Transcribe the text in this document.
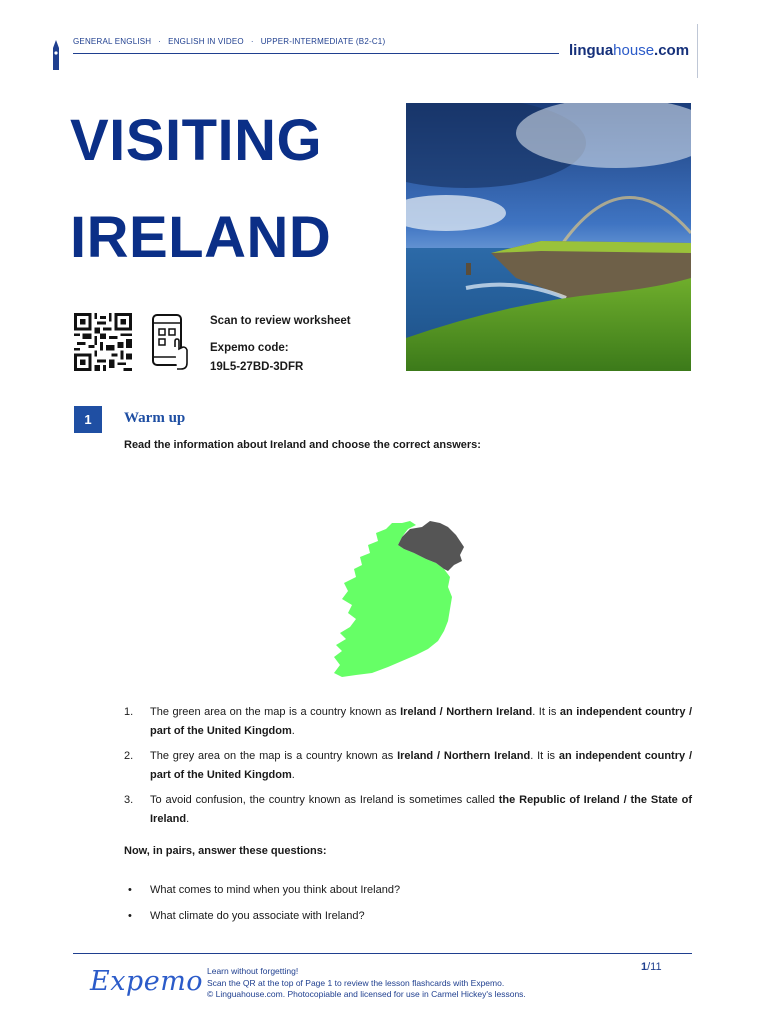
GENERAL ENGLISH · ENGLISH IN VIDEO · UPPER-INTERMEDIATE (B2-C1)
linguahouse.com
VISITING
IRELAND
Scan to review worksheet
Expemo code:
19L5-27BD-3DFR
1	Warm up
Read the information about Ireland and choose the correct answers:
1.	The green area on the map is a country known as Ireland / Northern Ireland. It is an independent country / part of the United Kingdom.
2.	The grey area on the map is a country known as Ireland / Northern Ireland. It is an independent country / part of the United Kingdom.
3.	To avoid confusion, the country known as Ireland is sometimes called the Republic of Ireland / the State of Ireland.
Now, in pairs, answer these questions:
•	What comes to mind when you think about Ireland?
•	What climate do you associate with Ireland?
Expemo Learn without forgetting!
Scan the QR at the top of Page 1 to review the lesson flashcards with Expemo.
© Linguahouse.com. Photocopiable and licensed for use in Carmel Hickey's lessons.
1/11
